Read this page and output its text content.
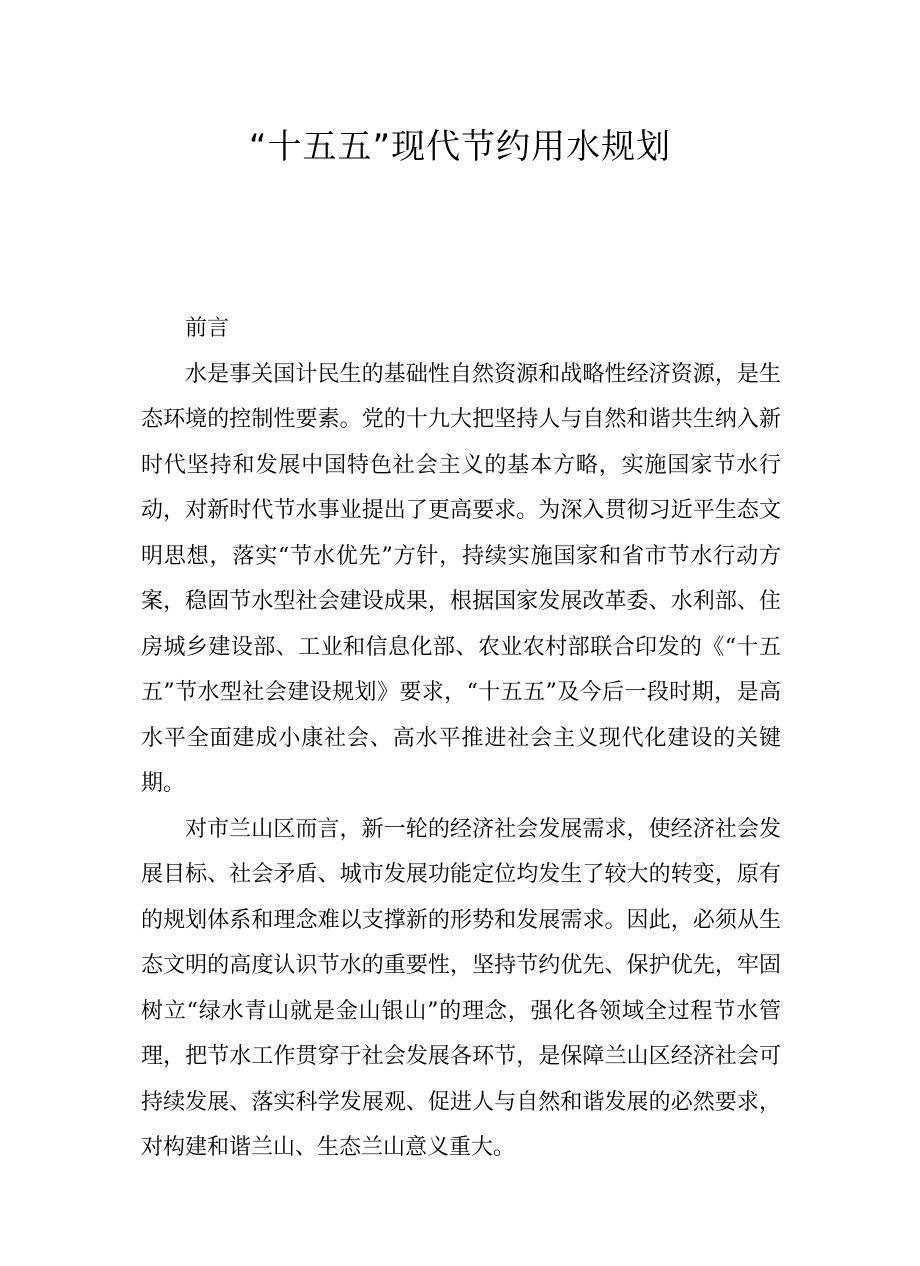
“十五五”现代节约用水规划

前言

水是事关国计民生的基础性自然资源和战略性经济资源，是生态环境的控制性要素。党的十九大把坚持人与自然和谐共生纳入新时代坚持和发展中国特色社会主义的基本方略，实施国家节水行动，对新时代节水事业提出了更高要求。为深入贯彻习近平生态文明思想，落实“节水优先”方针，持续实施国家和省市节水行动方案，稳固节水型社会建设成果，根据国家发展改革委、水利部、住房城乡建设部、工业和信息化部、农业农村部联合印发的《“十五五”节水型社会建设规划》要求，“十五五”及今后一段时期，是高水平全面建成小康社会、高水平推进社会主义现代化建设的关键期。

对市兰山区而言，新一轮的经济社会发展需求，使经济社会发展目标、社会矛盾、城市发展功能定位均发生了较大的转变，原有的规划体系和理念难以支撑新的形势和发展需求。因此，必须从生态文明的高度认识节水的重要性，坚持节约优先、保护优先，牢固树立“绿水青山就是金山银山”的理念，强化各领域全过程节水管理，把节水工作贯穿于社会发展各环节，是保障兰山区经济社会可持续发展、落实科学发展观、促进人与自然和谐发展的必然要求，对构建和谐兰山、生态兰山意义重大。
